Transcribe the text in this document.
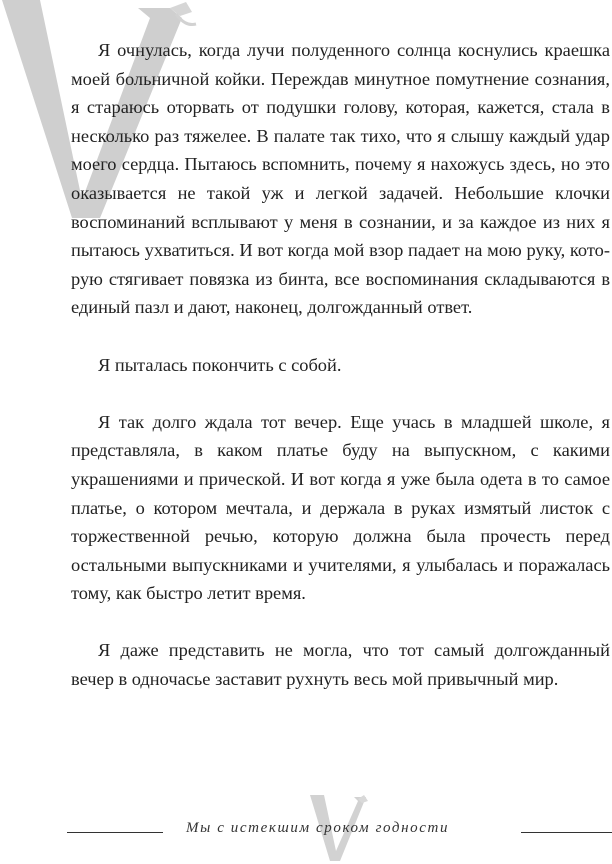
Я очнулась, когда лучи полуденного солнца коснулись краешка моей больничной койки. Переждав минутное помутнение сознания, я стараюсь оторвать от подушки голову, которая, кажется, стала в несколько раз тяжелее. В палате так тихо, что я слышу каждый удар моего сердца. Пытаюсь вспомнить, почему я нахожусь здесь, но это оказывается не такой уж и легкой задачей. Небольшие клочки воспоминаний всплывают у меня в сознании, и за каждое из них я пытаюсь ухватиться. И вот когда мой взор падает на мою руку, которую стягивает повязка из бинта, все воспоминания складываются в единый пазл и дают, наконец, долгожданный ответ.

Я пыталась покончить с собой.

Я так долго ждала тот вечер. Еще учась в младшей школе, я представляла, в каком платье буду на выпускном, с какими украшениями и прической. И вот когда я уже была одета в то самое платье, о котором мечтала, и держала в руках измятый листок с торжественной речью, которую должна была прочесть перед остальными выпускниками и учителями, я улыбалась и поражалась тому, как быстро летит время.

Я даже представить не могла, что тот самый долгожданный вечер в одночасье заставит рухнуть весь мой привычный мир.

Мы с истекшим сроком годности
